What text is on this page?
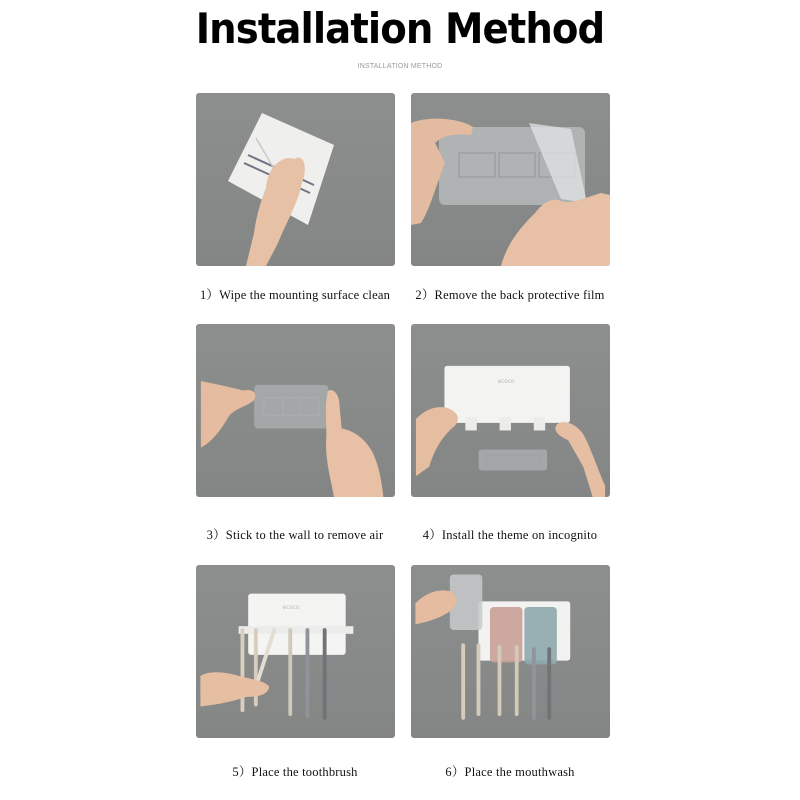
Installation Method
INSTALLATION METHOD
1）Wipe the mounting surface clean	2）Remove the back protective film
3）Stick to the wall to remove air
ecoco
4）Install the theme on incognito
ecoco
5）Place the toothbrush	6）Place the mouthwash
